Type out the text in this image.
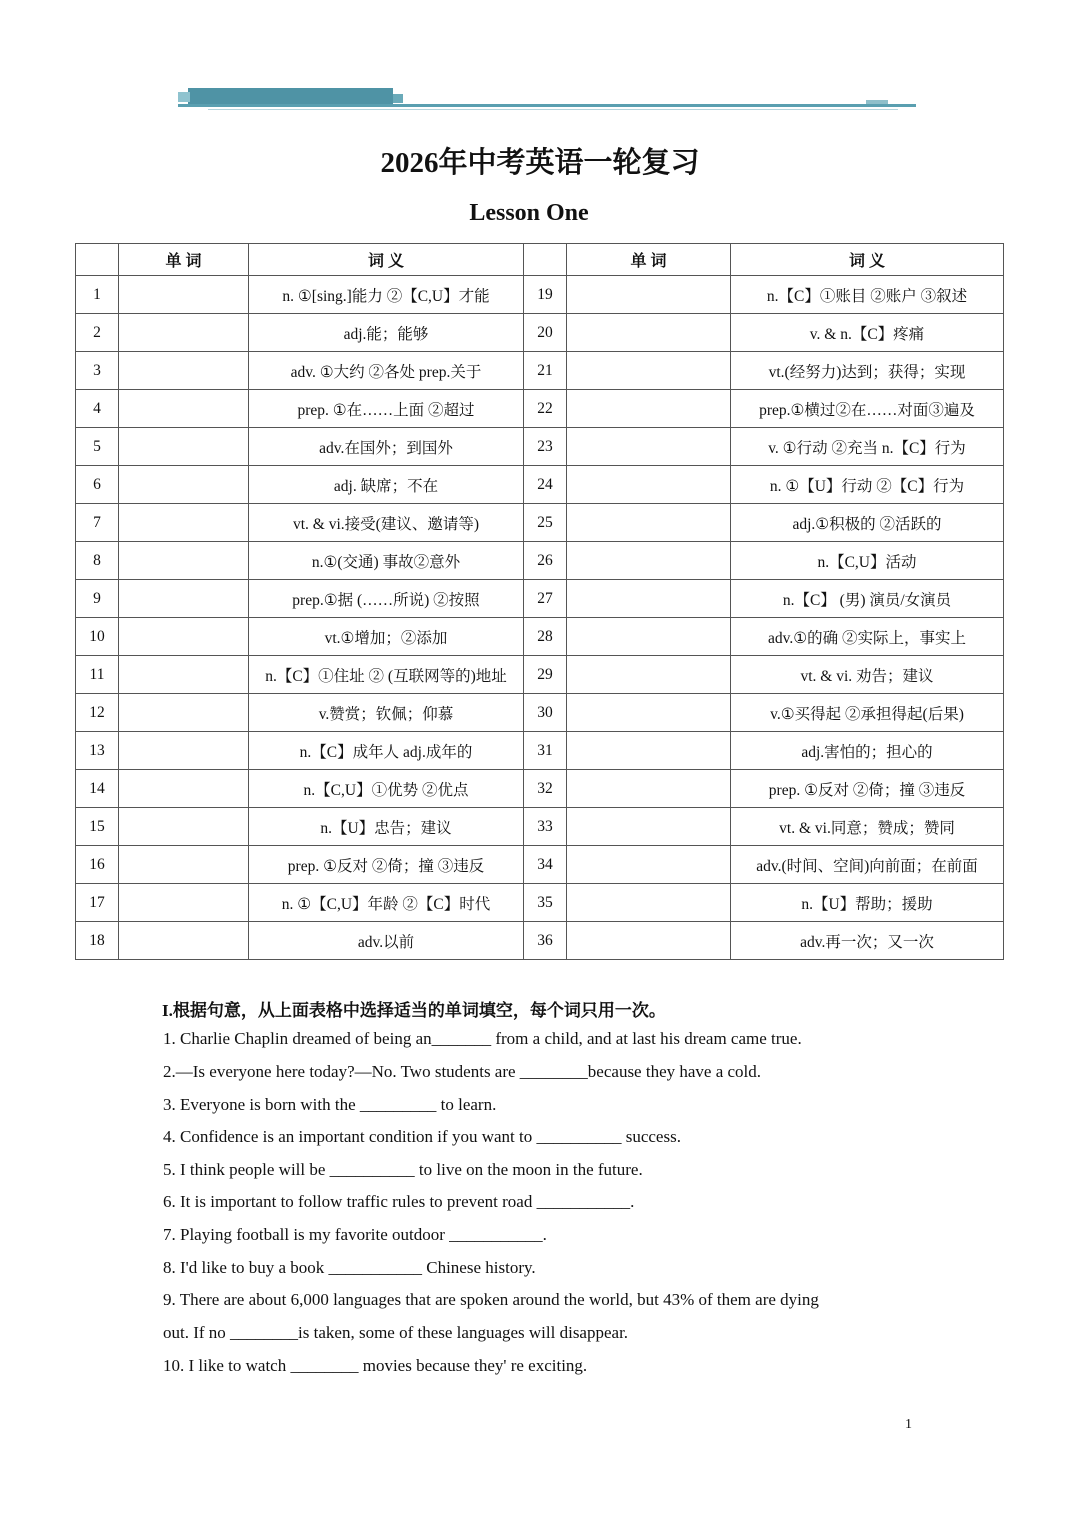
2026年中考英语一轮复习
Lesson One
	单 词	词 义		单 词	词 义
1		n. ①[sing.]能力 ②【C,U】才能	19		n.【C】①账目 ②账户 ③叙述
2		adj.能；能够	20		v. & n.【C】疼痛
3		adv. ①大约 ②各处 prep.关于	21		vt.(经努力)达到；获得；实现
4		prep. ①在……上面 ②超过	22		prep.①横过②在……对面③遍及
5		adv.在国外；到国外	23		v. ①行动 ②充当 n.【C】行为
6		adj. 缺席；不在	24		n. ①【U】行动 ②【C】行为
7		vt. & vi.接受(建议、邀请等)	25		adj.①积极的 ②活跃的
8		n.①(交通) 事故②意外	26		n.【C,U】活动
9		prep.①据 (……所说) ②按照	27		n.【C】 (男) 演员/女演员
10		vt.①增加；②添加	28		adv.①的确 ②实际上，事实上
11		n.【C】①住址 ② (互联网等的)地址	29		vt. & vi. 劝告；建议
12		v.赞赏；钦佩；仰慕	30		v.①买得起 ②承担得起(后果)
13		n.【C】成年人 adj.成年的	31		adj.害怕的；担心的
14		n.【C,U】①优势 ②优点	32		prep. ①反对 ②倚；撞 ③违反
15		n.【U】忠告；建议	33		vt. & vi.同意；赞成；赞同
16		prep. ①反对 ②倚；撞 ③违反	34		adv.(时间、空间)向前面；在前面
17		n. ①【C,U】年龄 ②【C】时代	35		n.【U】帮助；援助
18		adv.以前	36		adv.再一次；又一次
I.根据句意，从上面表格中选择适当的单词填空，每个词只用一次。
1. Charlie Chaplin dreamed of being an_______ from a child, and at last his dream came true.
2.—Is everyone here today?—No. Two students are ________because they have a cold.
3. Everyone is born with the _________ to learn.
4. Confidence is an important condition if you want to __________ success.
5. I think people will be __________ to live on the moon in the future.
6. It is important to follow traffic rules to prevent road ___________.
7. Playing football is my favorite outdoor ___________.
8. I'd like to buy a book ___________ Chinese history.
9. There are about 6,000 languages that are spoken around the world, but 43% of them are dying
out. If no ________is taken, some of these languages will disappear.
10. I like to watch ________ movies because they' re exciting.
1
